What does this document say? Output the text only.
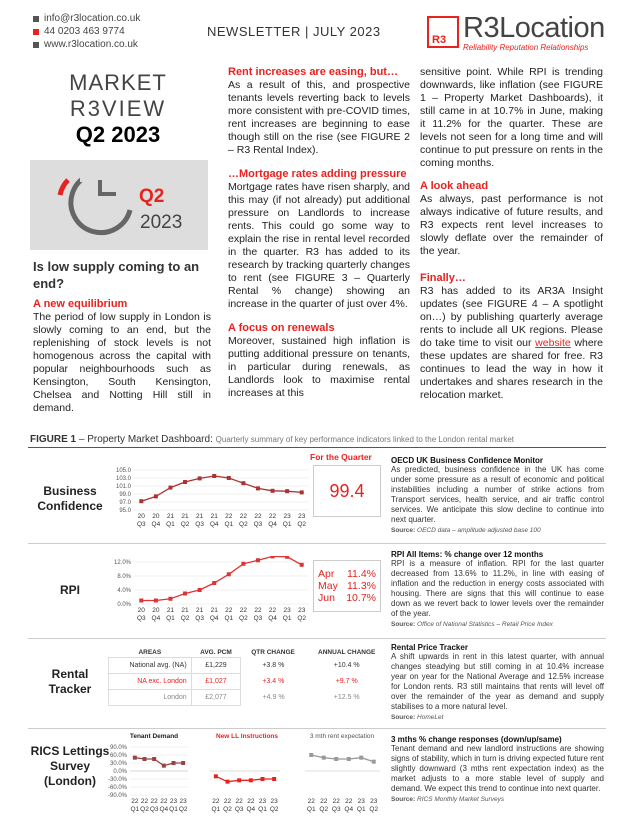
info@r3location.co.uk
44 0203 463 9774
www.r3location.co.uk
NEWSLETTER | JULY 2023
R3 R3Location
Reliability Reputation Relationships
MARKET
R3VIEW
Q2 2023
Q2
2023
Is low supply coming to an end?
A new equilibrium

The period of low supply in London is slowly coming to an end, but the replenishing of stock levels is not homogenous across the capital with popular neighbourhoods such as Kensington, South Kensington, Chelsea and Notting Hill still in demand.

Rent increases are easing, but…

As a result of this, and prospective tenants levels reverting back to levels more consistent with pre-COVID times, rent increases are beginning to ease though still on the rise (see FIGURE 2 – R3 Rental Index).

…Mortgage rates adding pressure

Mortgage rates have risen sharply, and this may (if not already) put additional pressure on Landlords to increase rents. This could go some way to explain the rise in rental level recorded in the quarter. R3 has added to its research by tracking quarterly changes to rent (see FIGURE 3 – Quarterly Rental % change) showing an increase in the quarter of just over 4%.

A focus on renewals

Moreover, sustained high inflation is putting additional pressure on tenants, in particular during renewals, as Landlords look to maximise rental increases at this

sensitive point. While RPI is trending downwards, like inflation (see FIGURE 1 – Property Market Dashboards), it still came in at 10.7% in June, making it 11.2% for the quarter. These are levels not seen for a long time and will continue to put pressure on rents in the coming months.

A look ahead

As always, past performance is not always indicative of future results, and R3 expects rent level increases to slowly deflate over the remainder of the year.

Finally…

R3 has added to its AR3A Insight updates (see FIGURE 4 – A spotlight on…) by publishing quarterly average rents to include all UK regions. Please do take time to visit our website where these updates are shared for free. R3 continues to lead the way in how it undertakes and shares research in the relocation market.

FIGURE 1 – Property Market Dashboard: Quarterly summary of key performance indicators linked to the London rental market
Business Confidence
105.0
103.0
101.0
99.0
97.0
95.0
20
Q3
20
Q4
21
Q1
21
Q2
21
Q3
21
Q4
22
Q1
22
Q2
22
Q3
22
Q4
23
Q1
23
Q2
For the Quarter
99.4
OECD UK Business Confidence Monitor

As predicted, business confidence in the UK has come under some pressure as a result of economic and political instabilities including a number of strike actions from Transport services, health service, and air traffic control services. We anticipate this slow decline to continue into next quarter.

Source: OECD data – amplitude adjusted base 100
RPI
12.0%
8.0%
4.0%
0.0%
20
Q3
20
Q4
21
Q1
21
Q2
21
Q3
21
Q4
22
Q1
22
Q2
22
Q3
22
Q4
23
Q1
23
Q2
Apr 11.4%
May 11.3%
Jun 10.7%
RPI All Items: % change over 12 months

RPI is a measure of inflation. RPI for the last quarter decreased from 13.6% to 11.2%, in line with easing of inflation and the reduction in energy costs associated with housing. There are signs that this will continue to ease down as we revert back to lower levels over the remainder of the year.

Source: Office of National Statistics – Retail Price Index
Rental Tracker
AREAS	AVG. PCM	QTR CHANGE	ANNUAL CHANGE
National avg. (NA)	£1,229	+3.8 %	+10.4 %
NA exc. London	£1,027	+3.4 %	+9.7 %
London	£2,077	+4.9 %	+12.5 %
Rental Price Tracker

A shift upwards in rent in this latest quarter, with annual changes steadying but still coming in at 10.4% increase year on year for the National Average and 12.5% increase for London rents. R3 still maintains that rents will level off over the remainder of the year as demand and supply stabilises to a more natural level.

Source: HomeLet
RICS Lettings Survey (London)
Tenant Demand	New LL Instructions	3 mth rent expectation
90.0%
60.0%
30.0%
0.0%
-30.0%
-60.0%
-90.0%
22
Q1
22
Q2
22
Q3
22
Q4
23
Q1
23
Q2
22
Q1
22
Q2
22
Q3
22
Q4
23
Q1
23
Q2
22
Q1
22
Q2
22
Q3
22
Q4
23
Q1
23
Q2
3 mths % change responses (down/up/same)

Tenant demand and new landlord instructions are showing signs of stability, which in turn is driving expected future rent slightly downward (3 mths rent expectation index) as the market adjusts to a more stable level of supply and demand. We expect this trend to continue into next quarter.

Source: RICS Monthly Market Surveys
